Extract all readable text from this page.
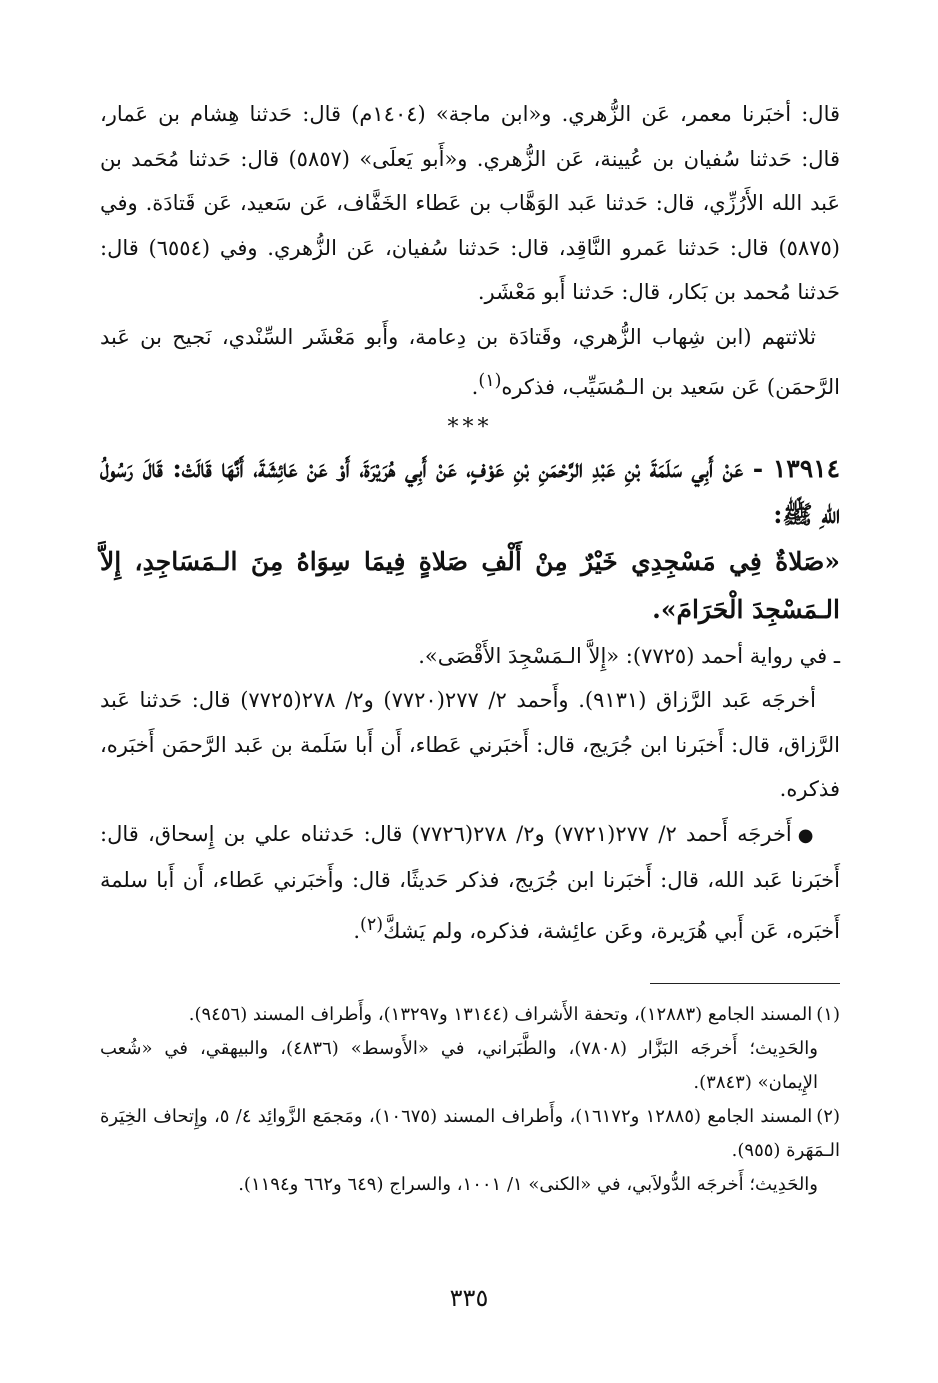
قال: أخبَرنا معمر، عَن الزُّهري. و«ابن ماجة» (١٤٠٤م) قال: حَدثنا هِشام بن عَمار، قال: حَدثنا سُفيان بن عُيينة، عَن الزُّهري. و«أَبو يَعلَى» (٥٨٥٧) قال: حَدثنا مُحَمد بن عَبد الله الأَرُزِّي، قال: حَدثنا عَبد الوَهَّاب بن عَطاء الخَفَّاف، عَن سَعيد، عَن قَتادَة. وفي (٥٨٧٥) قال: حَدثنا عَمرو النَّاقِد، قال: حَدثنا سُفيان، عَن الزُّهري. وفي (٦٥٥٤) قال: حَدثنا مُحمد بن بَكار، قال: حَدثنا أَبو مَعْشَر.

ثلاثتهم (ابن شِهاب الزُّهري، وقَتادَة بن دِعامة، وأَبو مَعْشَر السِّنْدي، نَجيح بن عَبد الرَّحمَن) عَن سَعيد بن الـمُسَيِّب، فذكره$^{(١)}$.

***

١٣٩١٤ - عَنْ أَبِي سَلَمَةَ بْنِ عَبْدِ الرَّحْمَنِ بْنِ عَوْفٍ، عَنْ أَبِي هُرَيْرَةَ، أَوْ عَنْ عَائِشَةَ، أَنَّهَا قَالَتْ: قَالَ رَسُولُ اللهِ ﷺ:

«صَلاةٌ فِي مَسْجِدِي خَيْرٌ مِنْ أَلْفِ صَلاةٍ فِيمَا سِوَاهُ مِنَ الـمَسَاجِدِ، إِلاَّ الـمَسْجِدَ الْحَرَامَ».

ـ في رواية أحمد (٧٧٢٥): «إِلاَّ الـمَسْجِدَ الأَقْصَى».

أخرجَه عَبد الرَّزاق (٩١٣١). وأَحمد ٢/ ٢٧٧(٧٧٢٠) و٢/ ٢٧٨(٧٧٢٥) قال: حَدثنا عَبد الرَّزاق، قال: أَخبَرنا ابن جُرَيج، قال: أَخبَرني عَطاء، أَن أَبا سَلَمة بن عَبد الرَّحمَن أَخبَره، فذكره.

●أَخرجَه أَحمد ٢/ ٢٧٧(٧٧٢١) و٢/ ٢٧٨(٧٧٢٦) قال: حَدثناه علي بن إِسحاق، قال: أَخبَرنا عَبد الله، قال: أَخبَرنا ابن جُرَيج، فذكر حَديثًا، قال: وأَخبَرني عَطاء، أَن أَبا سلمة أَخبَره، عَن أَبي هُرَيرة، وعَن عائِشة، فذكره، ولم يَشكَّ$^{(٢)}$.

(١)المسند الجامع (١٢٨٨٣)، وتحفة الأَشراف (١٣١٤٤ و١٣٢٩٧)، وأَطراف المسند (٩٤٥٦).

والحَدِيث؛ أَخرجَه البَزَّار (٧٨٠٨)، والطَّبَراني، في «الأَوسط» (٤٨٣٦)، والبيهقي، في «شُعب الإِيمان» (٣٨٤٣).

(٢)المسند الجامع (١٢٨٨٥ و١٦١٧٢)، وأَطراف المسند (١٠٦٧٥)، ومَجمَع الزَّوائِد ٤/ ٥، وإِتحاف الخِيَرة الـمَهَرة (٩٥٥).

والحَدِيث؛ أَخرجَه الدُّولاَبي، في «الكنى» ١/ ١٠٠١، والسراج (٦٤٩ و٦٦٢ و١١٩٤).

٣٣٥
